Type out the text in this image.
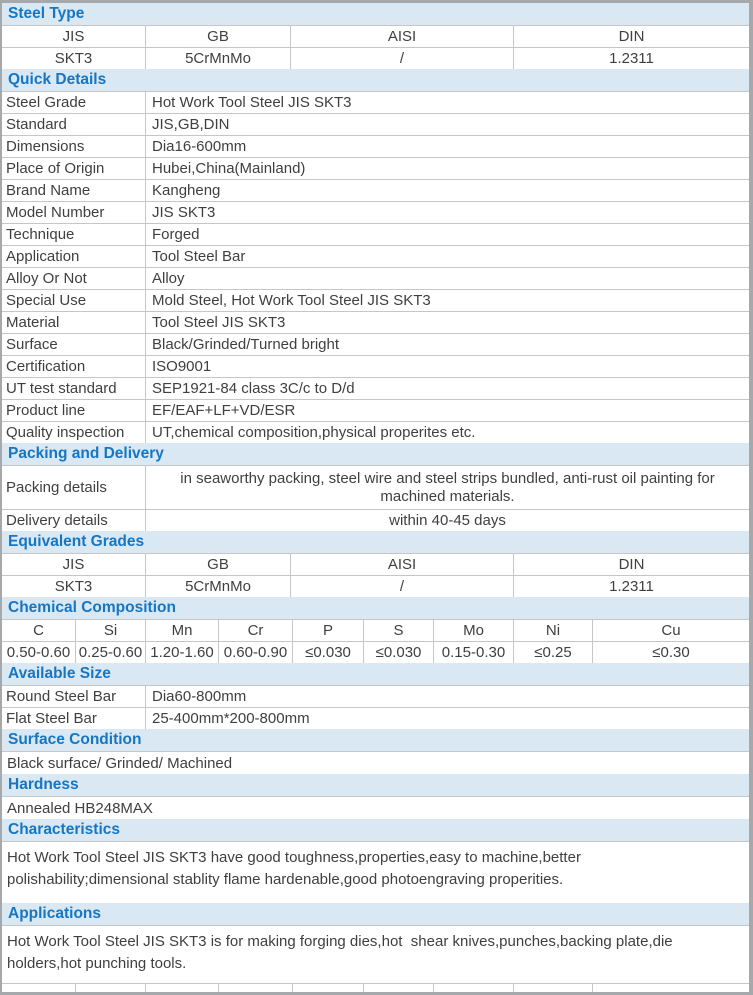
Steel Type
JIS	GB	AISI	DIN
SKT3	5CrMnMo	/	1.2311
Quick Details
Steel Grade	Hot Work Tool Steel JIS SKT3
Standard	JIS,GB,DIN
Dimensions	Dia16-600mm
Place of Origin	Hubei,China(Mainland)
Brand Name	Kangheng
Model Number	JIS SKT3
Technique	Forged
Application	Tool Steel Bar
Alloy Or Not	Alloy
Special Use	Mold Steel, Hot Work Tool Steel JIS SKT3
Material	Tool Steel JIS SKT3
Surface	Black/Grinded/Turned bright
Certification	ISO9001
UT test standard	SEP1921-84 class 3C/c to D/d
Product line	EF/EAF+LF+VD/ESR
Quality inspection	UT,chemical composition,physical properites etc.
Packing and Delivery
Packing details
in seaworthy packing, steel wire and steel strips bundled, anti-rust oil painting for machined materials.
Delivery details	within 40-45 days
Equivalent Grades
JIS	GB	AISI	DIN
SKT3	5CrMnMo	/	1.2311
Chemical Composition
C	Si	Mn	Cr	P	S	Mo	Ni	Cu
0.50-0.60 0.25-0.60 1.20-1.60 0.60-0.90	≤0.030	≤0.030	0.15-0.30	≤0.25	≤0.30
Available Size
Round Steel Bar	Dia60-800mm
Flat Steel Bar	25-400mm*200-800mm
Surface Condition
Black surface/ Grinded/ Machined
Hardness
Annealed HB248MAX
Characteristics
Hot Work Tool Steel JIS SKT3 have good toughness,properties,easy to machine,better polishability;dimensional stablity flame hardenable,good photoengraving properities.
Applications
Hot Work Tool Steel JIS SKT3 is for making forging dies,hot  shear knives,punches,backing plate,die holders,hot punching tools.
